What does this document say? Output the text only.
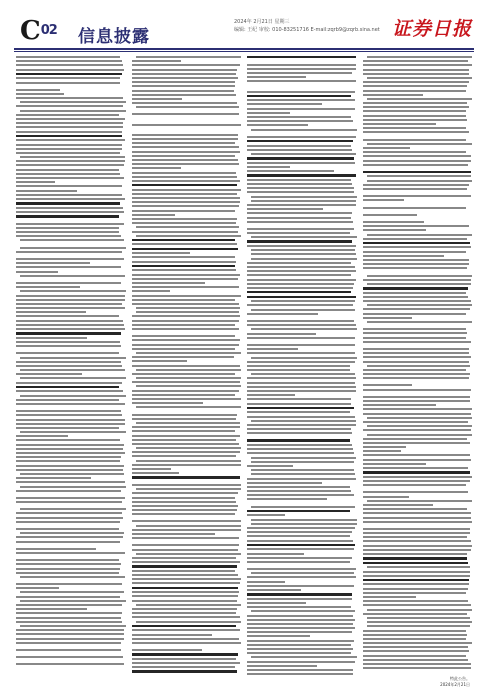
C02 信息披露
2024年 2月21日 星期三
编辑: 王纪 审校: 010-83251716 E-mail:zqrb9@zqrb.sina.net 证券日报
特此公告。
2024年2月21日
